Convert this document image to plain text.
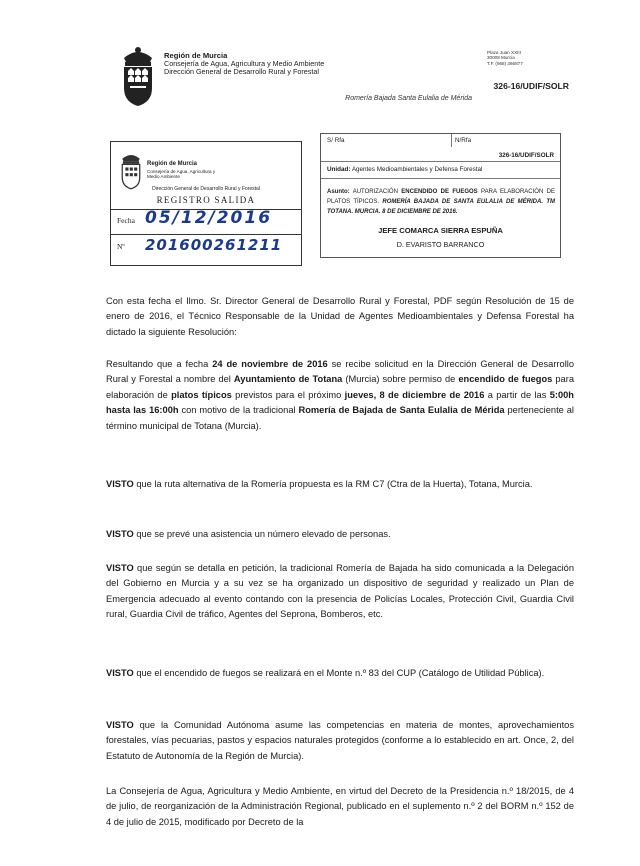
Región de Murcia
Consejería de Agua, Agricultura y Medio Ambiente
Dirección General de Desarrollo Rural y Forestal
Plaza Juan XXIII
30008 Murcia
T.F. (968) 366877
326-16/UDIF/SOLR
Romería Bajada Santa Eulalia de Mérida
Región de Murcia
Consejería de Agua, Agricultura y
Medio Ambiente
Dirección General de Desarrollo Rural y Forestal
REGISTRO SALIDA
Fecha 05/12/2016
Nº 201600261211
S/ Rfa	N/Rfa
326-16/UDIF/SOLR
Unidad: Agentes Medioambientales y Defensa Forestal
Asunto: AUTORIZACIÓN ENCENDIDO DE FUEGOS PARA ELABORACIÓN DE PLATOS TÍPICOS. ROMERÍA BAJADA DE SANTA EULALIA DE MÉRIDA. TM TOTANA. MURCIA. 8 DE DICIEMBRE DE 2016.
JEFE COMARCA SIERRA ESPUÑA
D. EVARISTO BARRANCO
Con esta fecha el Ilmo. Sr. Director General de Desarrollo Rural y Forestal, PDF según Resolución de 15 de enero de 2016, el Técnico Responsable de la Unidad de Agentes Medioambientales y Defensa Forestal ha dictado la siguiente Resolución:
Resultando que a fecha 24 de noviembre de 2016 se recibe solicitud en la Dirección General de Desarrollo Rural y Forestal a nombre del Ayuntamiento de Totana (Murcia) sobre permiso de encendido de fuegos para elaboración de platos típicos previstos para el próximo jueves, 8 de diciembre de 2016 a partir de las 5:00h hasta las 16:00h con motivo de la tradicional Romería de Bajada de Santa Eulalia de Mérida perteneciente al término municipal de Totana (Murcia).
VISTO que la ruta alternativa de la Romería propuesta es la RM C7 (Ctra de la Huerta), Totana, Murcia.
VISTO que se prevé una asistencia un número elevado de personas.
VISTO que según se detalla en petición, la tradicional Romería de Bajada ha sido comunicada a la Delegación del Gobierno en Murcia y a su vez se ha organizado un dispositivo de seguridad y realizado un Plan de Emergencia adecuado al evento contando con la presencia de Policías Locales, Protección Civil, Guardia Civil rural, Guardia Civil de tráfico, Agentes del Seprona, Bomberos, etc.
VISTO que el encendido de fuegos se realizará en el Monte n.º 83 del CUP (Catálogo de Utilidad Pública).
VISTO que la Comunidad Autónoma asume las competencias en materia de montes, aprovechamientos forestales, vías pecuarias, pastos y espacios naturales protegidos (conforme a lo establecido en art. Once, 2, del Estatuto de Autonomía de la Región de Murcia).
La Consejería de Agua, Agricultura y Medio Ambiente, en virtud del Decreto de la Presidencia n.º 18/2015, de 4 de julio, de reorganización de la Administración Regional, publicado en el suplemento n.º 2 del BORM n.º 152 de 4 de julio de 2015, modificado por Decreto de la
